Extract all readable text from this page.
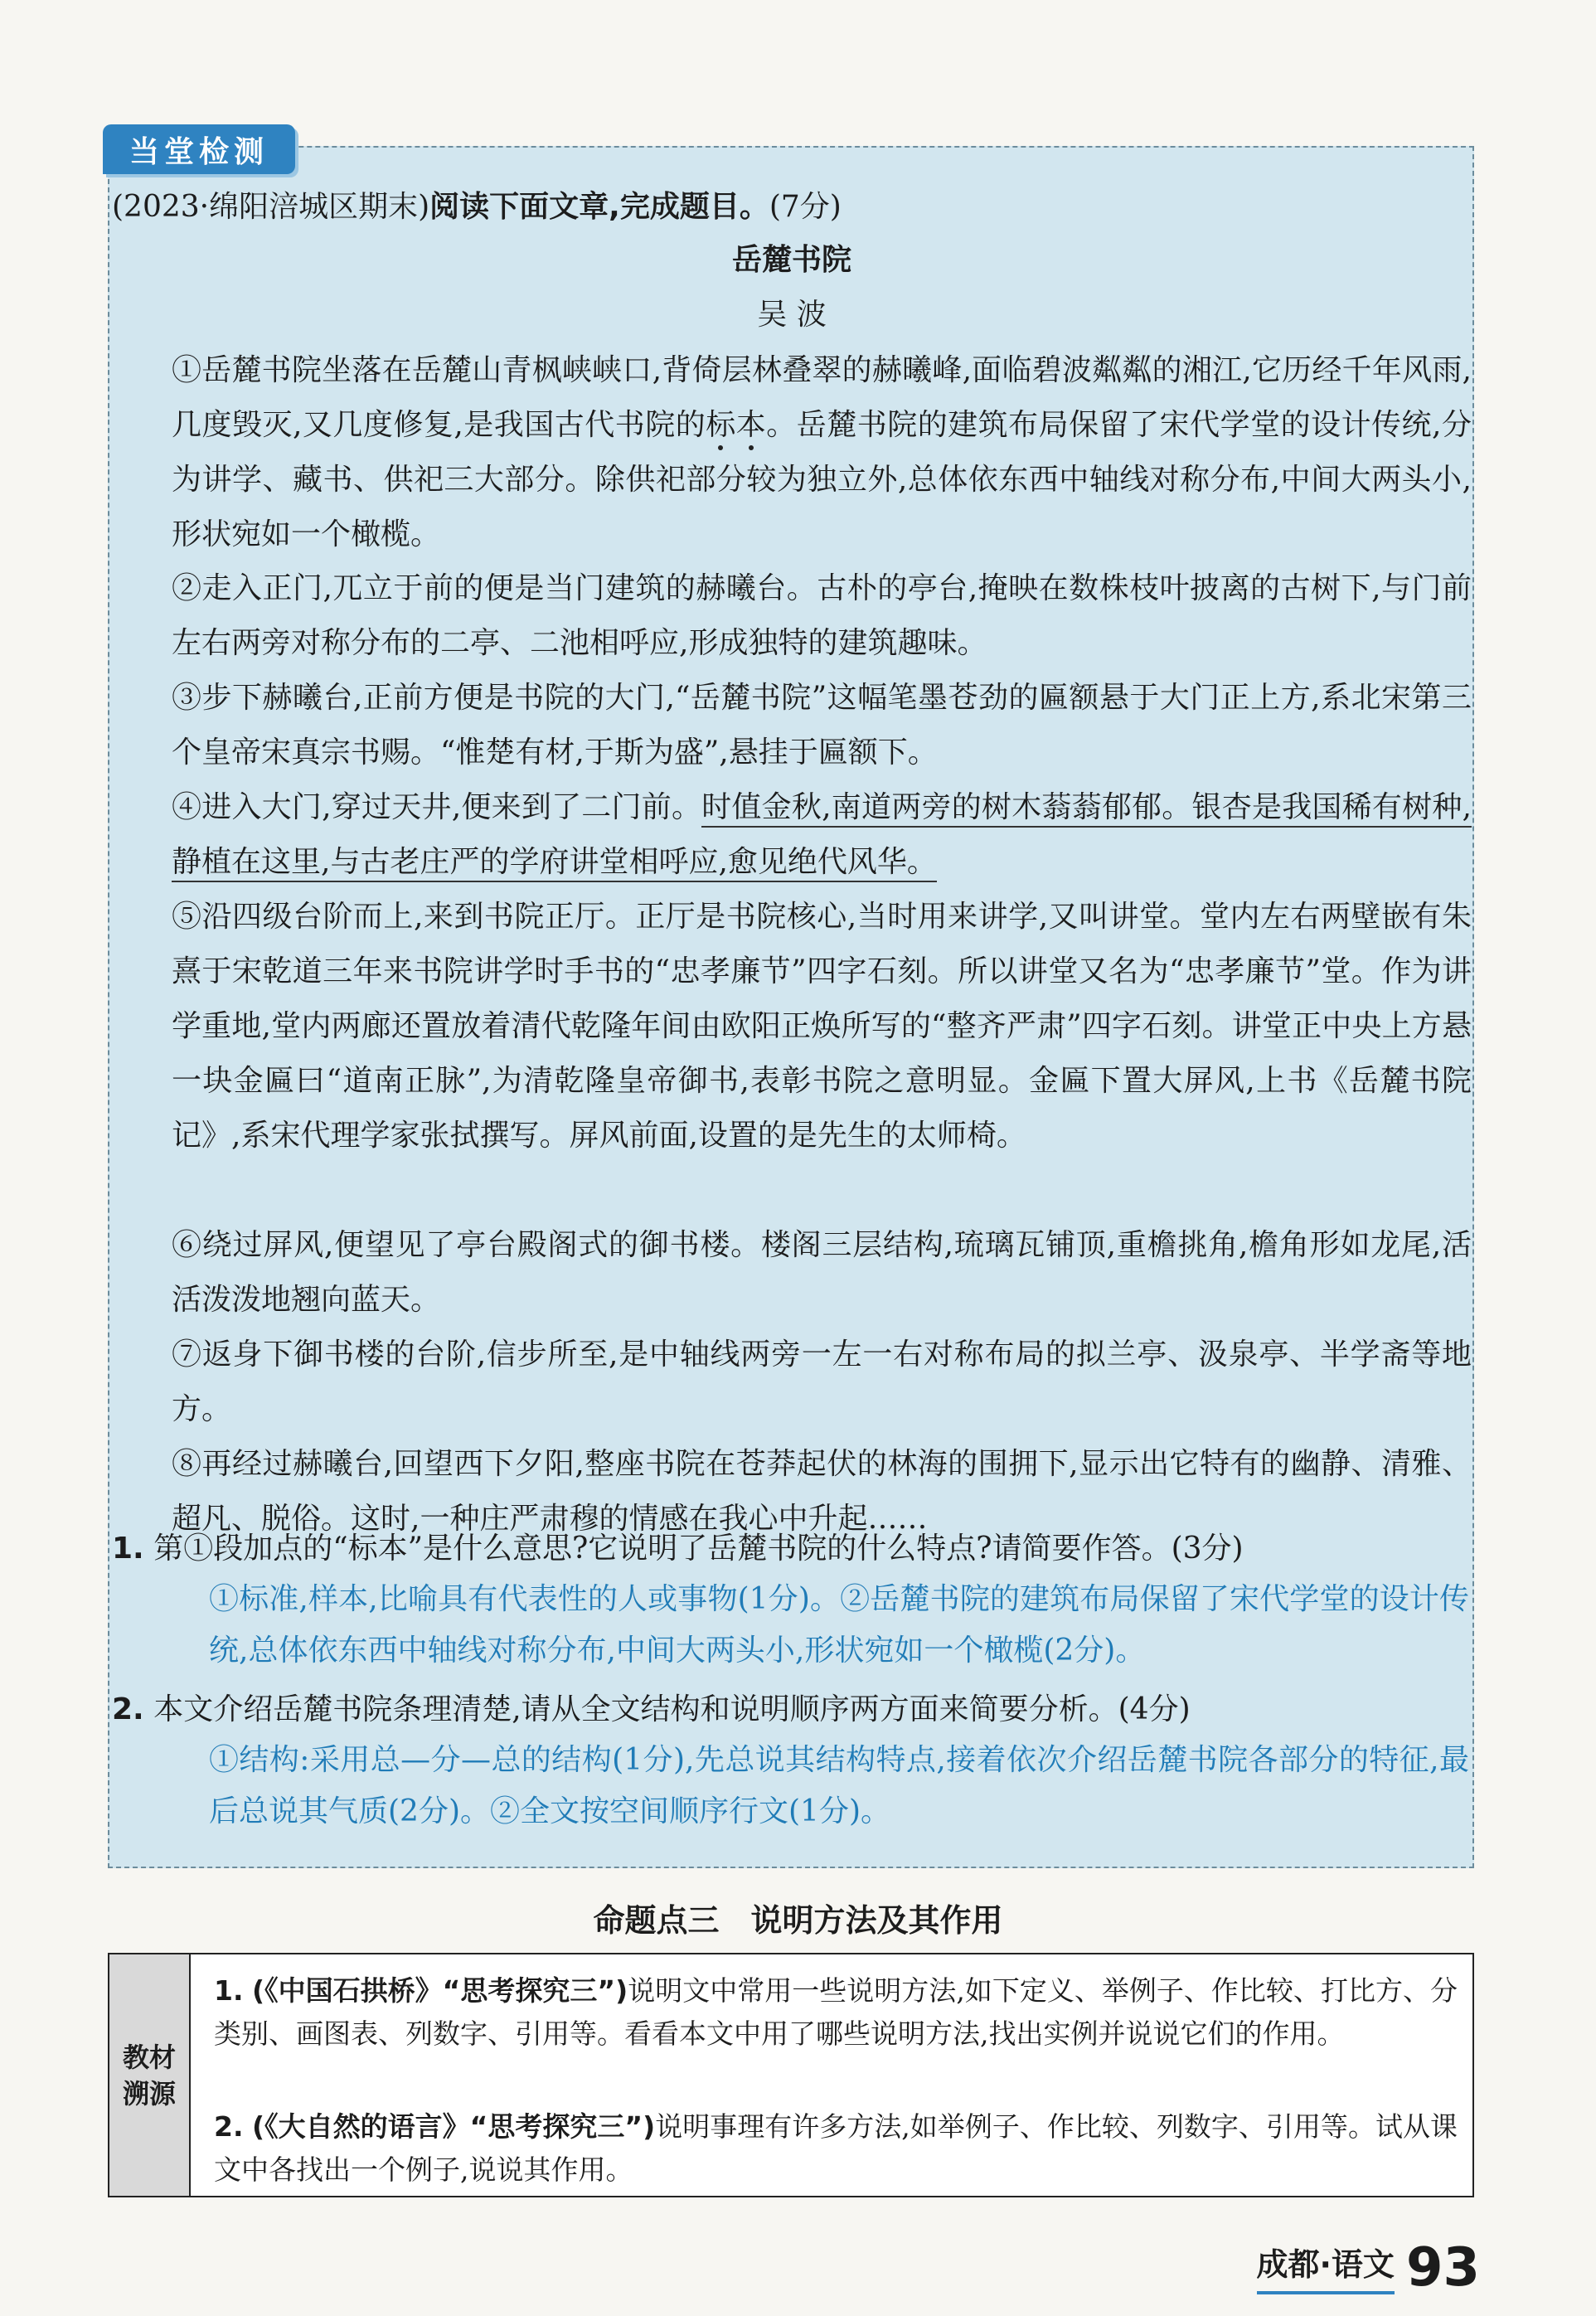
当堂检测
(2023·绵阳涪城区期末)阅读下面文章,完成题目。(7分)
岳麓书院
吴 波
①岳麓书院坐落在岳麓山青枫峡峡口,背倚层林叠翠的赫曦峰,面临碧波粼粼的湘江,它历经千年风雨,几度毁灭,又几度修复,是我国古代书院的标本。岳麓书院的建筑布局保留了宋代学堂的设计传统,分为讲学、藏书、供祀三大部分。除供祀部分较为独立外,总体依东西中轴线对称分布,中间大两头小,形状宛如一个橄榄。
②走入正门,兀立于前的便是当门建筑的赫曦台。古朴的亭台,掩映在数株枝叶披离的古树下,与门前左右两旁对称分布的二亭、二池相呼应,形成独特的建筑趣味。
③步下赫曦台,正前方便是书院的大门,“岳麓书院”这幅笔墨苍劲的匾额悬于大门正上方,系北宋第三个皇帝宋真宗书赐。“惟楚有材,于斯为盛”,悬挂于匾额下。
④进入大门,穿过天井,便来到了二门前。时值金秋,南道两旁的树木蓊蓊郁郁。银杏是我国稀有树种,静植在这里,与古老庄严的学府讲堂相呼应,愈见绝代风华。
⑤沿四级台阶而上,来到书院正厅。正厅是书院核心,当时用来讲学,又叫讲堂。堂内左右两壁嵌有朱熹于宋乾道三年来书院讲学时手书的“忠孝廉节”四字石刻。所以讲堂又名为“忠孝廉节”堂。作为讲学重地,堂内两廊还置放着清代乾隆年间由欧阳正焕所写的“整齐严肃”四字石刻。讲堂正中央上方悬一块金匾曰“道南正脉”,为清乾隆皇帝御书,表彰书院之意明显。金匾下置大屏风,上书《岳麓书院记》,系宋代理学家张拭撰写。屏风前面,设置的是先生的太师椅。
⑥绕过屏风,便望见了亭台殿阁式的御书楼。楼阁三层结构,琉璃瓦铺顶,重檐挑角,檐角形如龙尾,活活泼泼地翘向蓝天。
⑦返身下御书楼的台阶,信步所至,是中轴线两旁一左一右对称布局的拟兰亭、汲泉亭、半学斋等地方。
⑧再经过赫曦台,回望西下夕阳,整座书院在苍莽起伏的林海的围拥下,显示出它特有的幽静、清雅、超凡、脱俗。这时,一种庄严肃穆的情感在我心中升起……
1. 第①段加点的“标本”是什么意思?它说明了岳麓书院的什么特点?请简要作答。(3分)
①标准,样本,比喻具有代表性的人或事物(1分)。②岳麓书院的建筑布局保留了宋代学堂的设计传统,总体依东西中轴线对称分布,中间大两头小,形状宛如一个橄榄(2分)。
2. 本文介绍岳麓书院条理清楚,请从全文结构和说明顺序两方面来简要分析。(4分)
①结构:采用总—分—总的结构(1分),先总说其结构特点,接着依次介绍岳麓书院各部分的特征,最后总说其气质(2分)。②全文按空间顺序行文(1分)。
命题点三　说明方法及其作用
教材
溯源
1. (《中国石拱桥》“思考探究三”)说明文中常用一些说明方法,如下定义、举例子、作比较、打比方、分类别、画图表、列数字、引用等。看看本文中用了哪些说明方法,找出实例并说说它们的作用。
2. (《大自然的语言》“思考探究三”)说明事理有许多方法,如举例子、作比较、列数字、引用等。试从课文中各找出一个例子,说说其作用。
成都·语文 93
